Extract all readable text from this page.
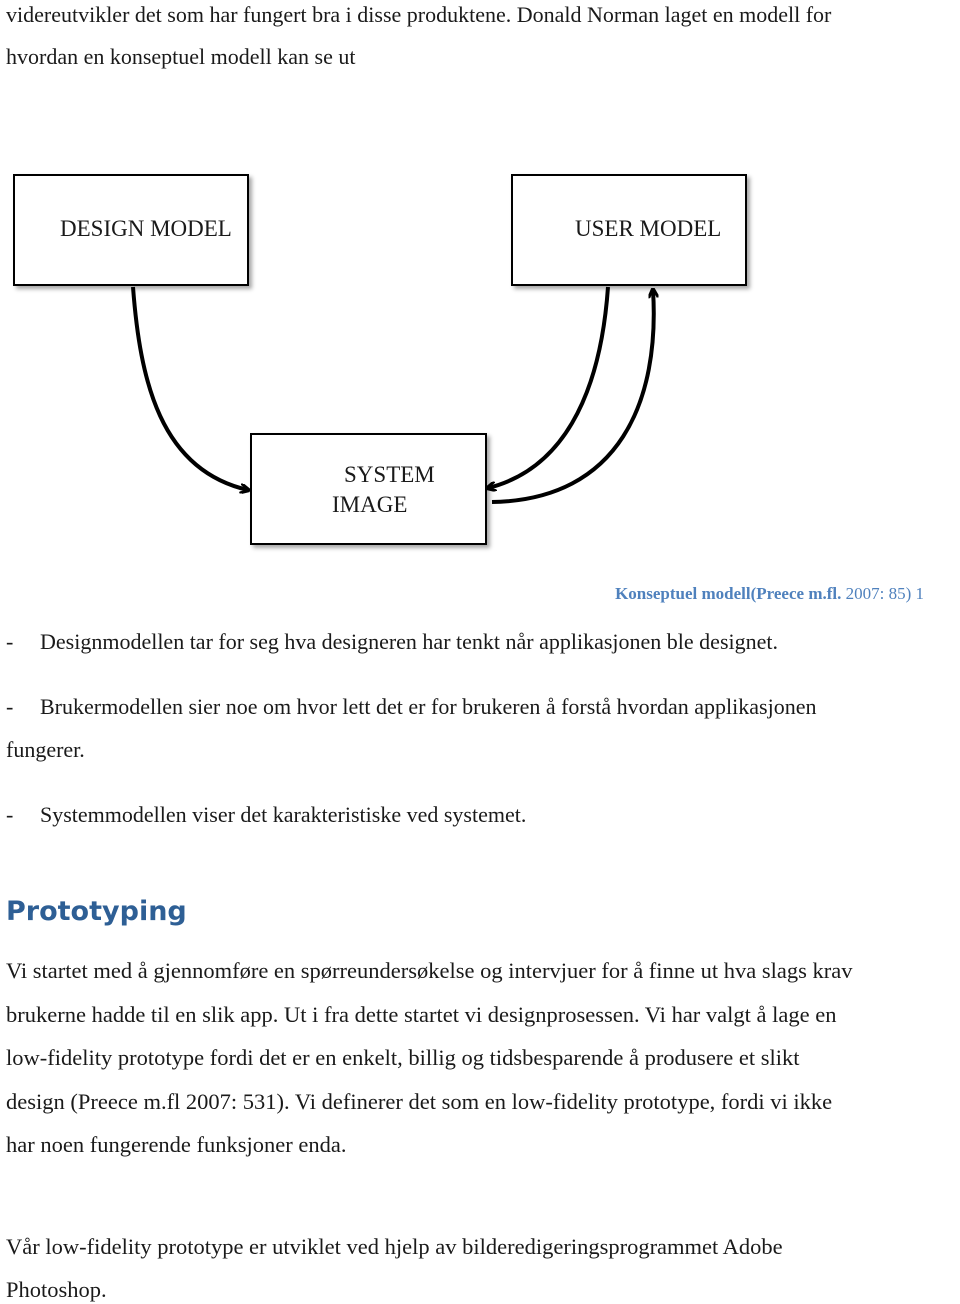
videreutvikler det som har fungert bra i disse produktene. Donald Norman laget en modell for
hvordan en konseptuel modell kan se ut
DESIGN MODEL	USER MODEL
SYSTEM
IMAGE
Konseptuel modell(Preece m.fl. 2007: 85) 1
- Designmodellen tar for seg hva designeren har tenkt når applikasjonen ble designet.
- Brukermodellen sier noe om hvor lett det er for brukeren å forstå hvordan applikasjonen
fungerer.
- Systemmodellen viser det karakteristiske ved systemet.
Prototyping
Vi startet med å gjennomføre en spørreundersøkelse og intervjuer for å finne ut hva slags krav
brukerne hadde til en slik app. Ut i fra dette startet vi designprosessen. Vi har valgt å lage en
low-fidelity prototype fordi det er en enkelt, billig og tidsbesparende å produsere et slikt
design (Preece m.fl 2007: 531). Vi definerer det som en low-fidelity prototype, fordi vi ikke
har noen fungerende funksjoner enda.
Vår low-fidelity prototype er utviklet ved hjelp av bilderedigeringsprogrammet Adobe
Photoshop.
